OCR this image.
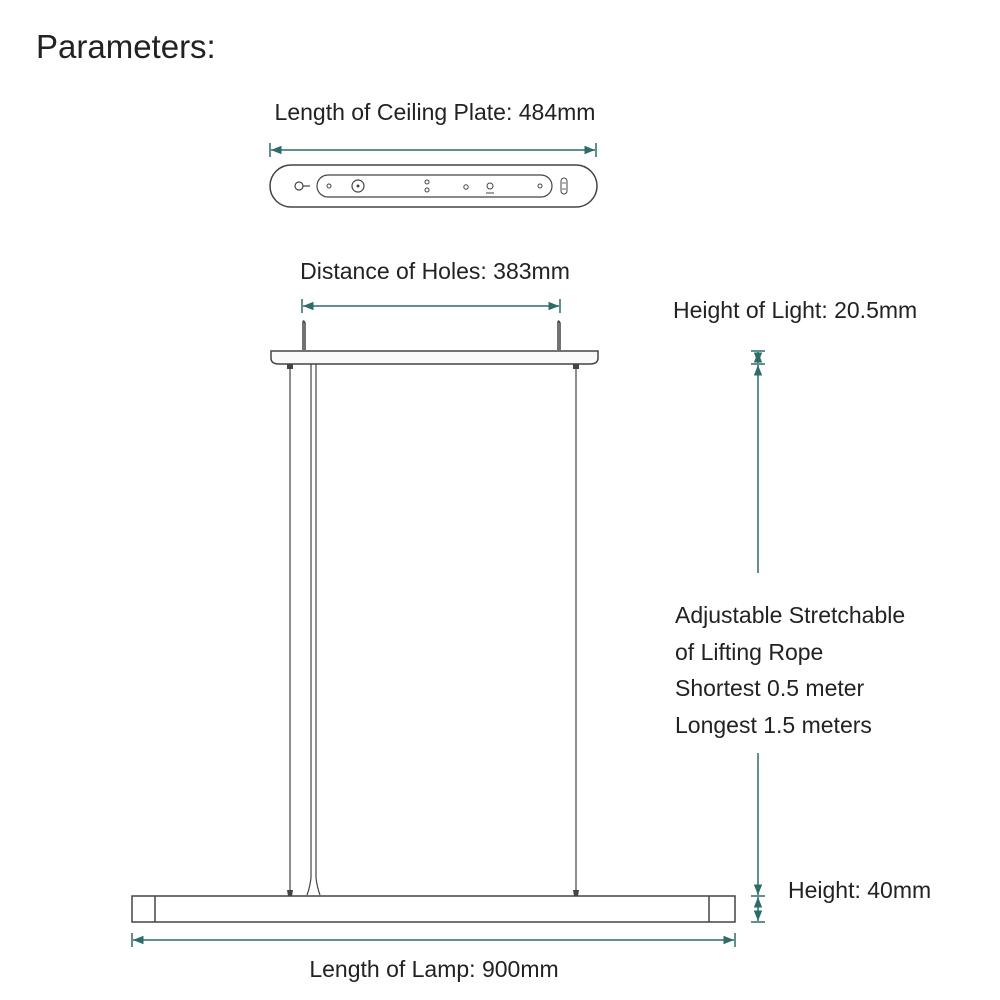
Parameters:
Length of Ceiling Plate: 484mm
Distance of Holes: 383mm
Height of Light: 20.5mm
Height: 40mm
Length of Lamp: 900mm
Adjustable Stretchable
of Lifting Rope
Shortest 0.5 meter
Longest 1.5 meters
